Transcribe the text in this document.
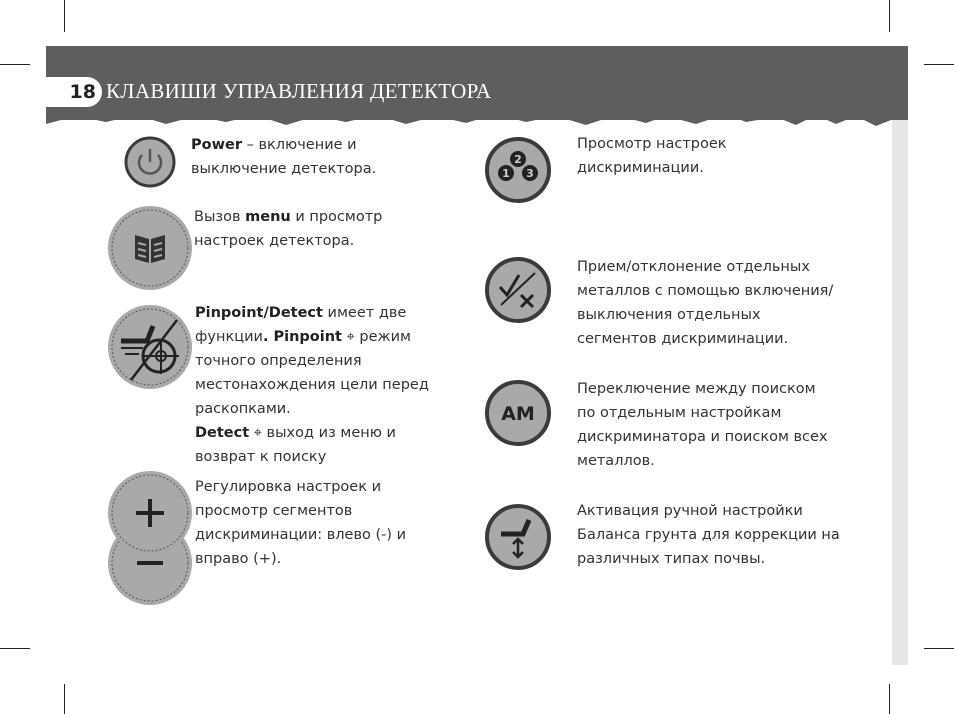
18 КЛАВИШИ УПРАВЛЕНИЯ ДЕТЕКТОРА
Power – включение и выключение детектора.
Вызов menu и просмотр настроек детектора.
Pinpoint/Detect имеет две функции. Pinpoint ⌖ режим точного определения местонахождения цели перед раскопками.
Detect ⌖ выход из меню и возврат к поиску
Регулировка настроек и просмотр сегментов дискриминации: влево (-) и вправо (+).
1
2
3
AM
Просмотр настроек дискриминации.
Прием/отклонение отдельных металлов с помощью включения/выключения отдельных сегментов дискриминации.
Переключение между поиском по отдельным настройкам дискриминатора и поиском всех металлов.
Активация ручной настройки Баланса грунта для коррекции на различных типах почвы.
